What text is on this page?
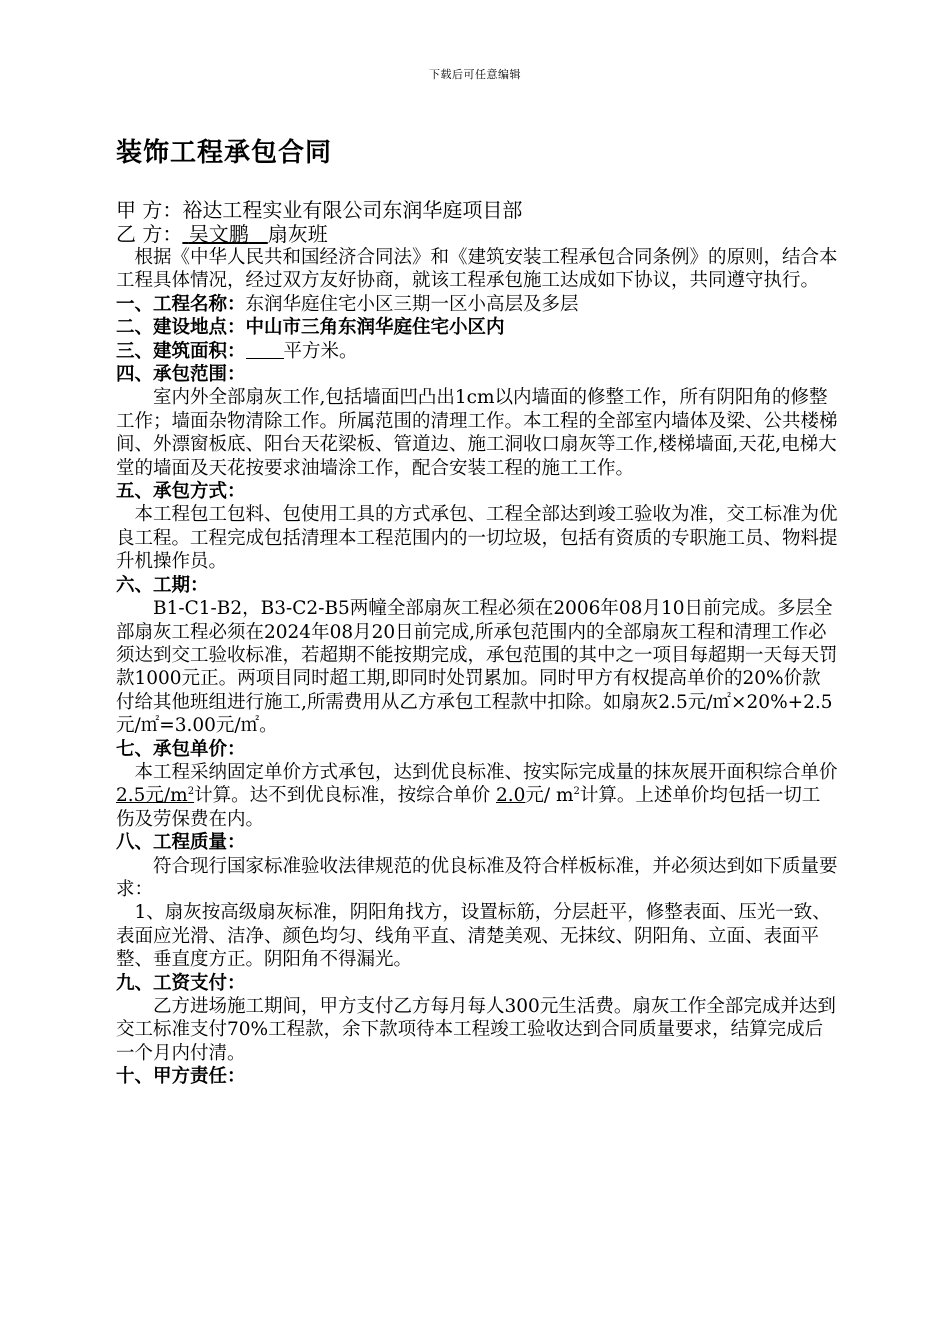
下载后可任意编辑
装饰工程承包合同

甲 方：裕达工程实业有限公司东润华庭项目部

乙 方： 吴文鹏 扇灰班

根据《中华人民共和国经济合同法》和《建筑安装工程承包合同条例》的原则，结合本工程具体情况，经过双方友好协商，就该工程承包施工达成如下协议，共同遵守执行。

一、工程名称：东润华庭住宅小区三期一区小高层及多层

二、建设地点：中山市三角东润华庭住宅小区内

三、建筑面积： 平方米。

四、承包范围：

室内外全部扇灰工作,包括墙面凹凸出1cm以内墙面的修整工作，所有阴阳角的修整工作；墙面杂物清除工作。所属范围的清理工作。本工程的全部室内墙体及梁、公共楼梯间、外漂窗板底、阳台天花梁板、管道边、施工洞收口扇灰等工作,楼梯墙面,天花,电梯大堂的墙面及天花按要求油墙涂工作，配合安装工程的施工工作。

五、承包方式：

本工程包工包料、包使用工具的方式承包、工程全部达到竣工验收为准，交工标准为优良工程。工程完成包括清理本工程范围内的一切垃圾，包括有资质的专职施工员、物料提升机操作员。

六、工期：

B1-C1-B2，B3-C2-B5两幢全部扇灰工程必须在2006年08月10日前完成。多层全部扇灰工程必须在2024年08月20日前完成,所承包范围内的全部扇灰工程和清理工作必须达到交工验收标准，若超期不能按期完成，承包范围的其中之一项目每超期一天每天罚款1000元正。两项目同时超工期,即同时处罚累加。同时甲方有权提高单价的20%价款付给其他班组进行施工,所需费用从乙方承包工程款中扣除。如扇灰2.5元/㎡×20%+2.5元/㎡=3.00元/㎡。

七、承包单价：

本工程采纳固定单价方式承包，达到优良标准、按实际完成量的抹灰展开面积综合单价2.5元$/m^2$计算。达不到优良标准，按综合单价 2.0元/ $m^2$计算。上述单价均包括一切工伤及劳保费在内。

八、工程质量：

符合现行国家标准验收法律规范的优良标准及符合样板标准，并必须达到如下质量要求：

1、扇灰按高级扇灰标准，阴阳角找方，设置标筋，分层赶平，修整表面、压光一致、表面应光滑、洁净、颜色均匀、线角平直、清楚美观、无抹纹、阴阳角、立面、表面平整、垂直度方正。阴阳角不得漏光。

九、工资支付：

乙方进场施工期间，甲方支付乙方每月每人300元生活费。扇灰工作全部完成并达到交工标准支付70%工程款，余下款项待本工程竣工验收达到合同质量要求，结算完成后一个月内付清。

十、甲方责任：
